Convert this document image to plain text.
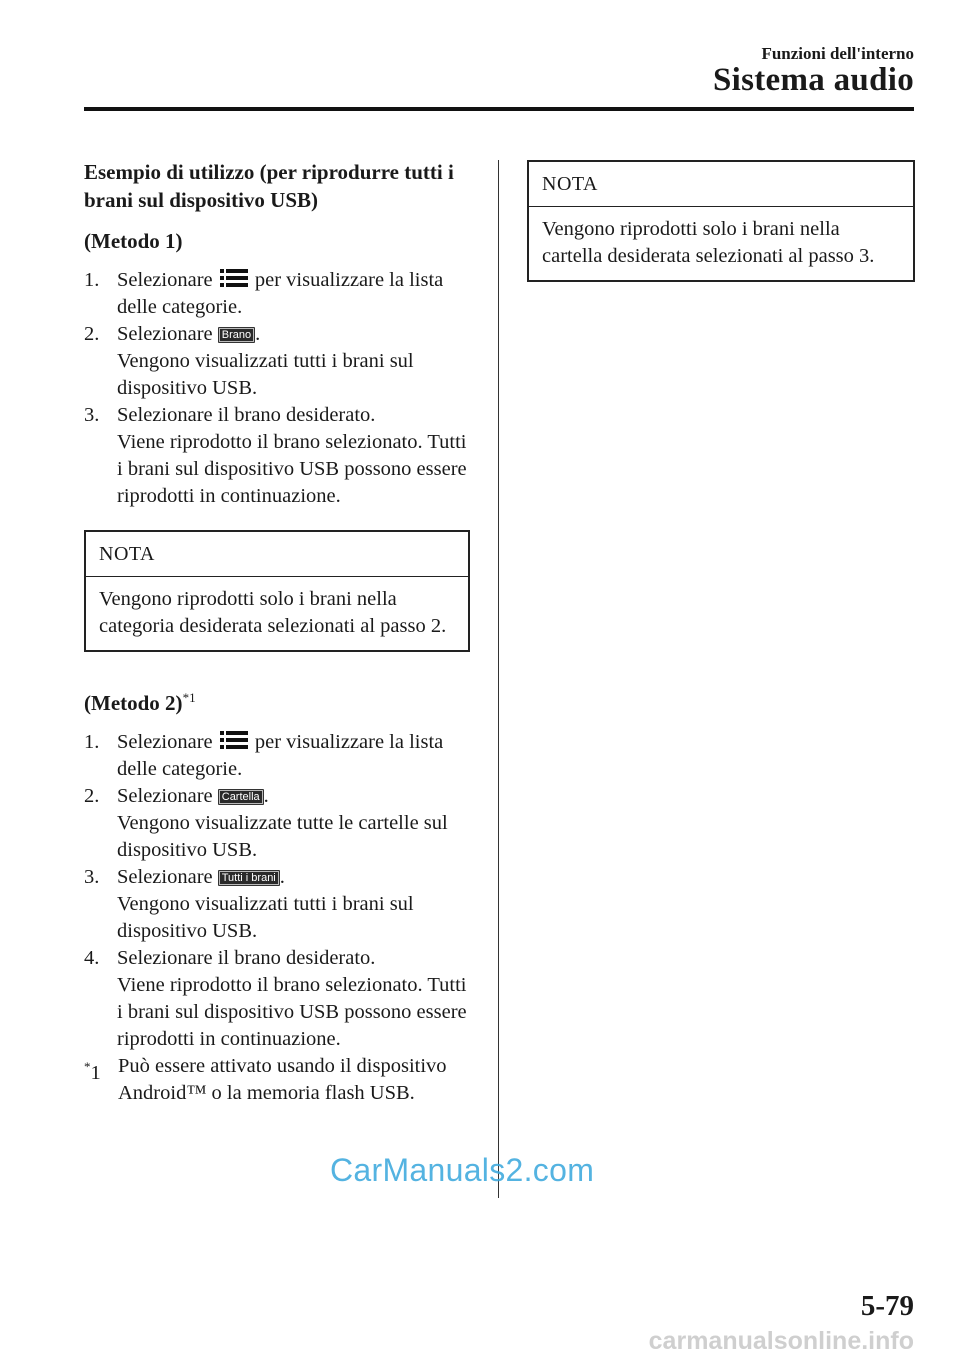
Funzioni dell'interno
Sistema audio

Esempio di utilizzo (per riprodurre tutti i brani sul dispositivo USB)

(Metodo 1)
1. Selezionare per visualizzare la lista delle categorie.
2. Selezionare Brano .
Vengono visualizzati tutti i brani sul dispositivo USB.
3. Selezionare il brano desiderato.
Viene riprodotto il brano selezionato. Tutti i brani sul dispositivo USB possono essere riprodotti in continuazione.
NOTA
Vengono riprodotti solo i brani nella categoria desiderata selezionati al passo 2.
(Metodo 2)$^{*1}$
1. Selezionare per visualizzare la lista delle categorie.
2. Selezionare Cartella .
Vengono visualizzate tutte le cartelle sul dispositivo USB.
3. Selezionare Tutti i brani .
Vengono visualizzati tutti i brani sul dispositivo USB.
4. Selezionare il brano desiderato.
Viene riprodotto il brano selezionato. Tutti i brani sul dispositivo USB possono essere riprodotti in continuazione.
*1 Può essere attivato usando il dispositivo Android™ o la memoria flash USB.
NOTA
Vengono riprodotti solo i brani nella cartella desiderata selezionati al passo 3.
CarManuals2.com
5-79
carmanualsonline.info
